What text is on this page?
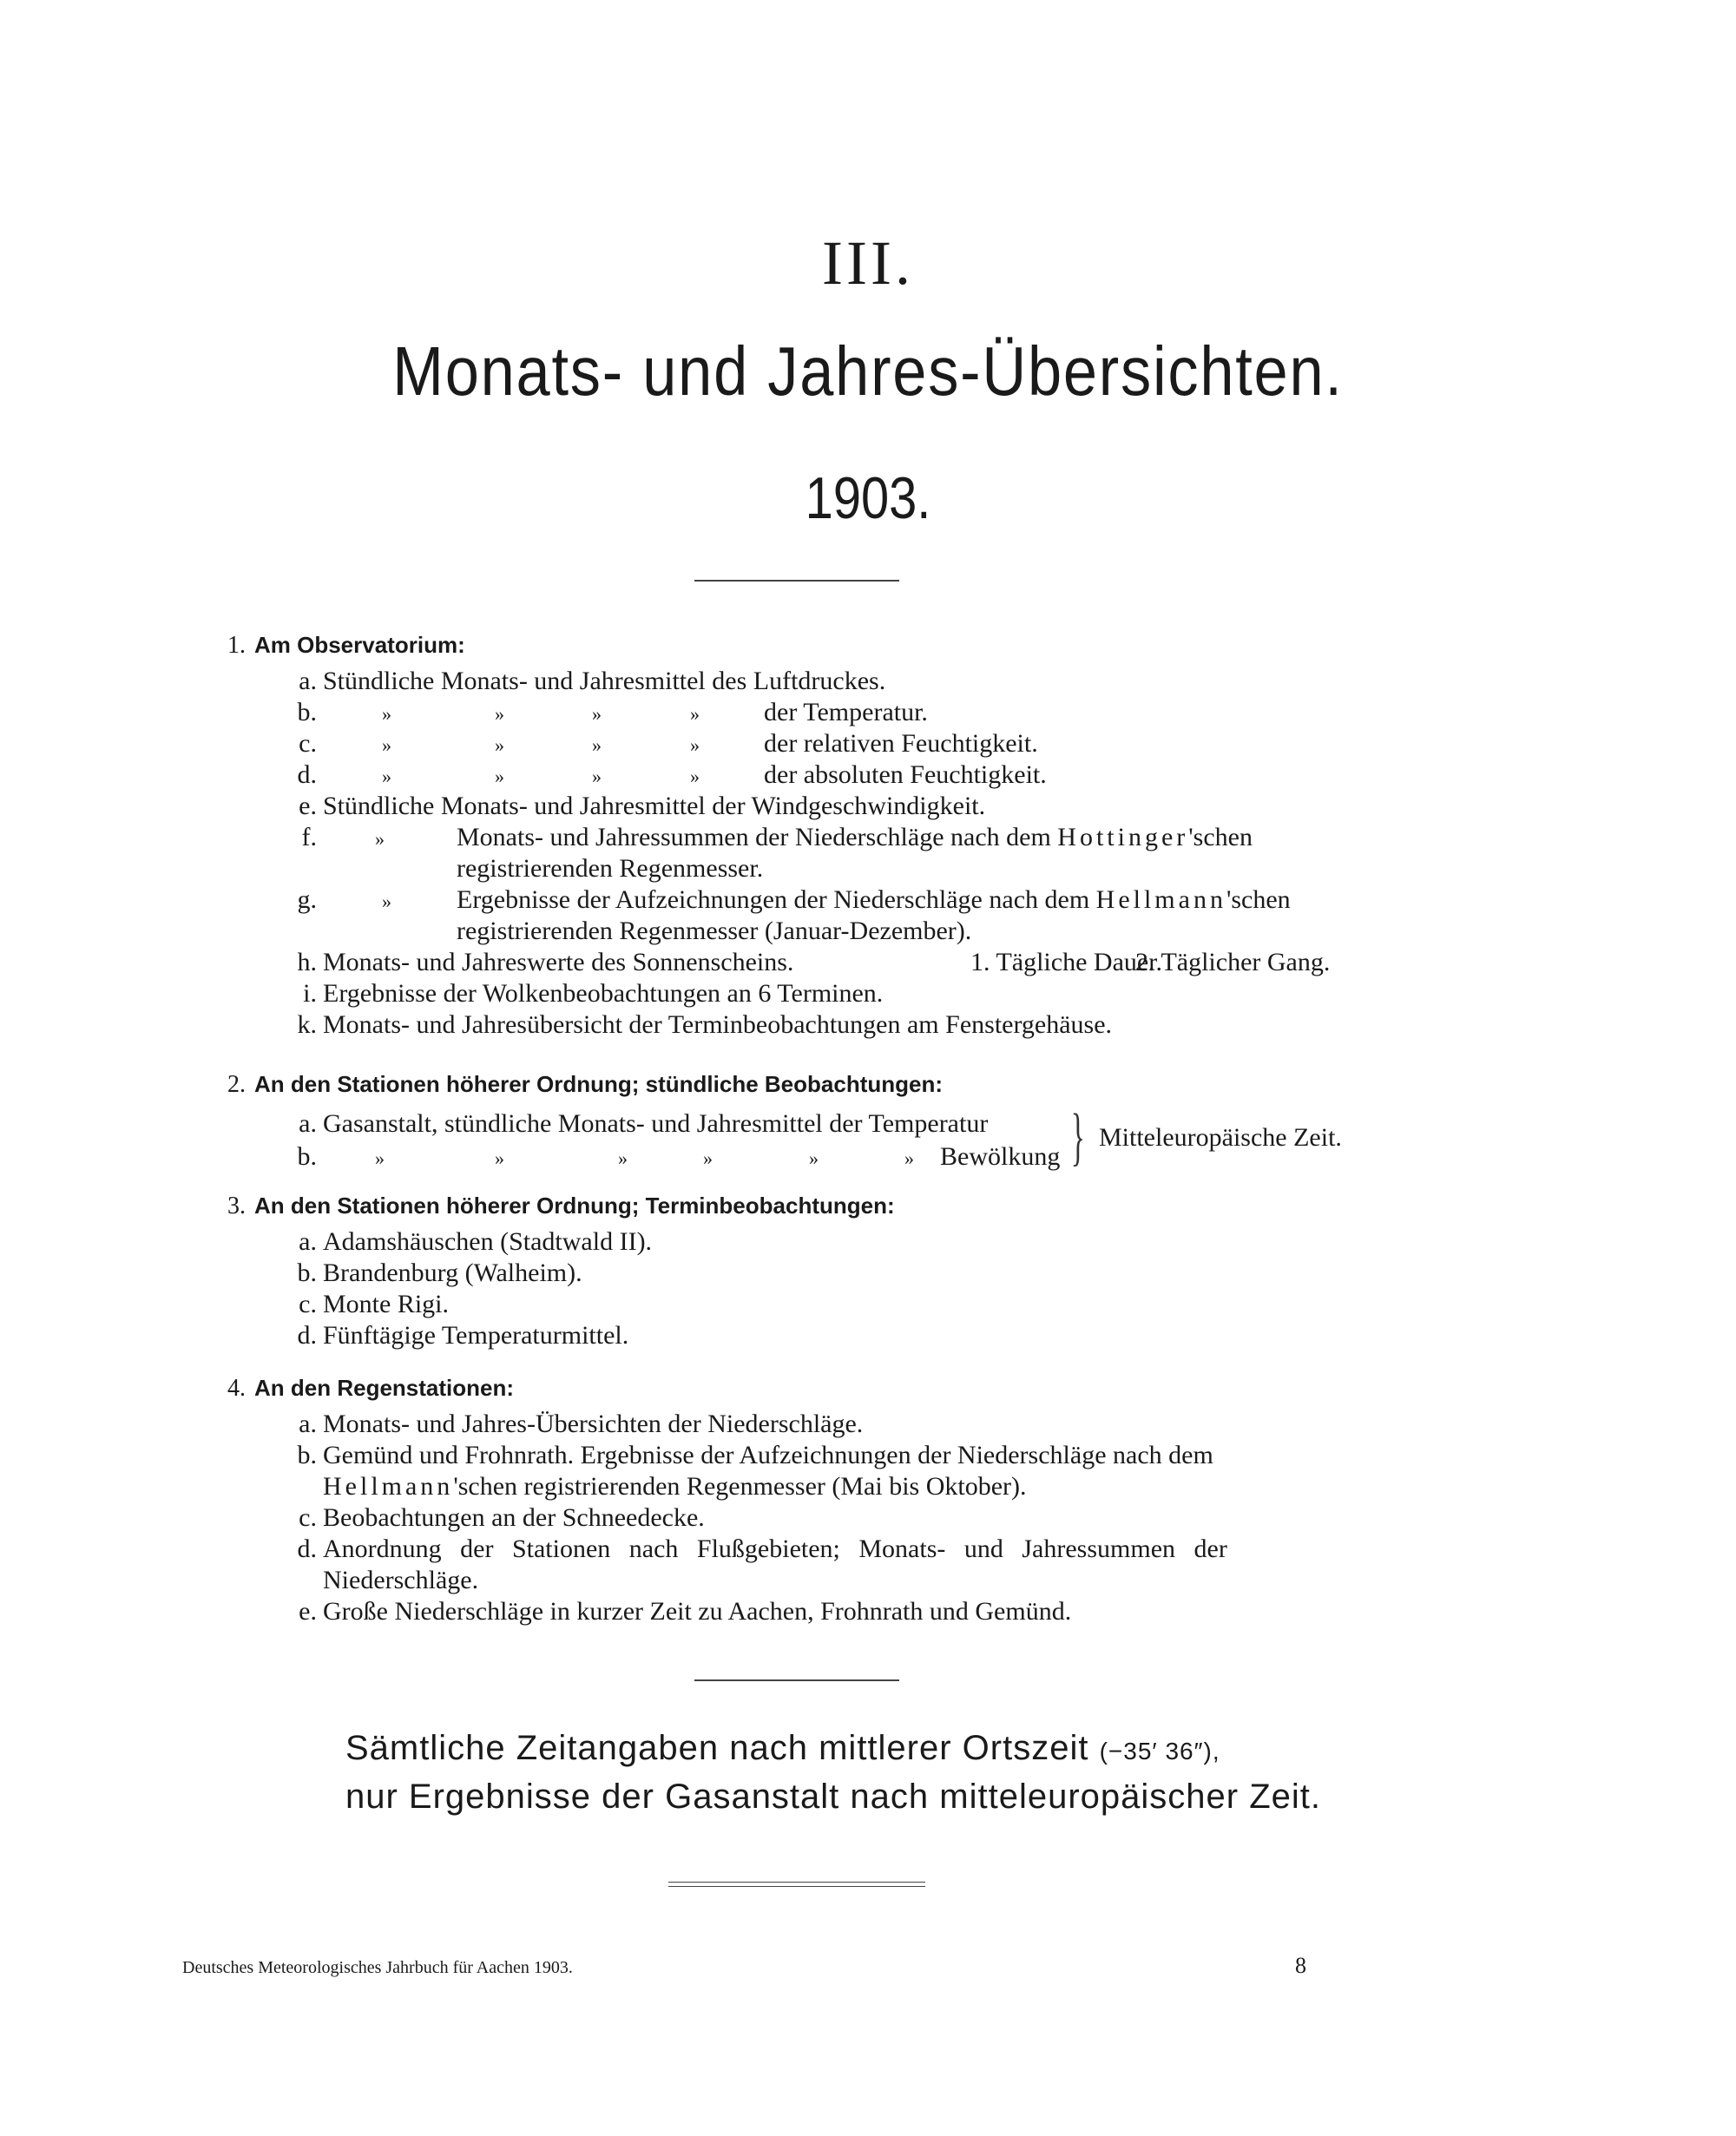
III.
Monats- und Jahres-Übersichten.
1903.
1. Am Observatorium:
a. Stündliche Monats- und Jahresmittel des Luftdruckes.
b.	»	»	»	» der Temperatur.
c.	»	»	»	» der relativen Feuchtigkeit.
d.	»	»	»	» der absoluten Feuchtigkeit.
e. Stündliche Monats- und Jahresmittel der Windgeschwindigkeit.
f.	»	Monats- und Jahressummen der Niederschläge nach dem Hottinger'schen
registrierenden Regenmesser.
g.	»	Ergebnisse der Aufzeichnungen der Niederschläge nach dem Hellmann'schen
registrierenden Regenmesser (Januar-Dezember).
h. Monats- und Jahreswerte des Sonnenscheins.	1. Tägliche Dauer.
2. Täglicher Gang.
i. Ergebnisse der Wolkenbeobachtungen an 6 Terminen.
k. Monats- und Jahresübersicht der Terminbeobachtungen am Fenstergehäuse.
2. An den Stationen höherer Ordnung; stündliche Beobachtungen:
a. Gasanstalt, stündliche Monats- und Jahresmittel der Temperatur
b.	»	»	»	»	»	» Bewölkung } Mitteleuropäische Zeit.
3. An den Stationen höherer Ordnung; Terminbeobachtungen:
a. Adamshäuschen (Stadtwald II).
b. Brandenburg (Walheim).
c. Monte Rigi.
d. Fünftägige Temperaturmittel.
4. An den Regenstationen:
a. Monats- und Jahres-Übersichten der Niederschläge.
b. Gemünd und Frohnrath. Ergebnisse der Aufzeichnungen der Niederschläge nach dem
Hellmann'schen registrierenden Regenmesser (Mai bis Oktober).
c. Beobachtungen an der Schneedecke.
d. Anordnung der Stationen nach Flußgebieten; Monats- und Jahressummen der
Niederschläge.
e. Große Niederschläge in kurzer Zeit zu Aachen, Frohnrath und Gemünd.
Sämtliche Zeitangaben nach mittlerer Ortszeit (−35′ 36″),
nur Ergebnisse der Gasanstalt nach mitteleuropäischer Zeit.
Deutsches Meteorologisches Jahrbuch für Aachen 1903.	8
